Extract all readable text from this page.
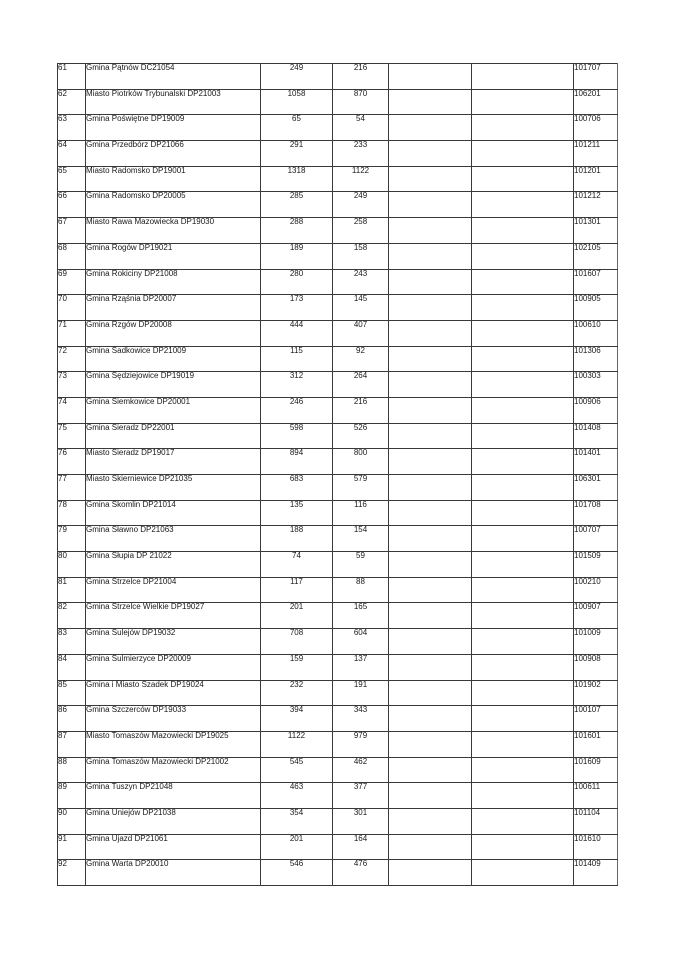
61	Gmina Pątnów DC21054	249	216			101707
62	Miasto Piotrków Trybunalski DP21003	1058	870			106201
63	Gmina Poświętne DP19009	65	54			100706
64	Gmina Przedbórz DP21066	291	233			101211
65	Miasto Radomsko DP19001	1318	1122			101201
66	Gmina Radomsko DP20005	285	249			101212
67	Miasto Rawa Mazowiecka DP19030	288	258			101301
68	Gmina Rogów DP19021	189	158			102105
69	Gmina Rokiciny DP21008	280	243			101607
70	Gmina Rząśnia DP20007	173	145			100905
71	Gmina Rzgów DP20008	444	407			100610
72	Gmina Sadkowice DP21009	115	92			101306
73	Gmina Sędziejowice DP19019	312	264			100303
74	Gmina Siemkowice DP20001	246	216			100906
75	Gmina Sieradz DP22001	598	526			101408
76	Miasto Sieradz DP19017	894	800			101401
77	Miasto Skierniewice DP21035	683	579			106301
78	Gmina Skomlin DP21014	135	116			101708
79	Gmina Sławno DP21063	188	154			100707
80	Gmina Słupia DP 21022	74	59			101509
81	Gmina Strzelce DP21004	117	88			100210
82	Gmina Strzelce Wielkie DP19027	201	165			100907
83	Gmina Sulejów DP19032	708	604			101009
84	Gmina Sulmierzyce DP20009	159	137			100908
85	Gmina i Miasto Szadek DP19024	232	191			101902
86	Gmina Szczerców DP19033	394	343			100107
87	Miasto Tomaszów Mazowiecki DP19025	1122	979			101601
88	Gmina Tomaszów Mazowiecki DP21002	545	462			101609
89	Gmina Tuszyn DP21048	463	377			100611
90	Gmina Uniejów DP21038	354	301			101104
91	Gmina Ujazd DP21061	201	164			101610
92	Gmina Warta DP20010	546	476			101409
